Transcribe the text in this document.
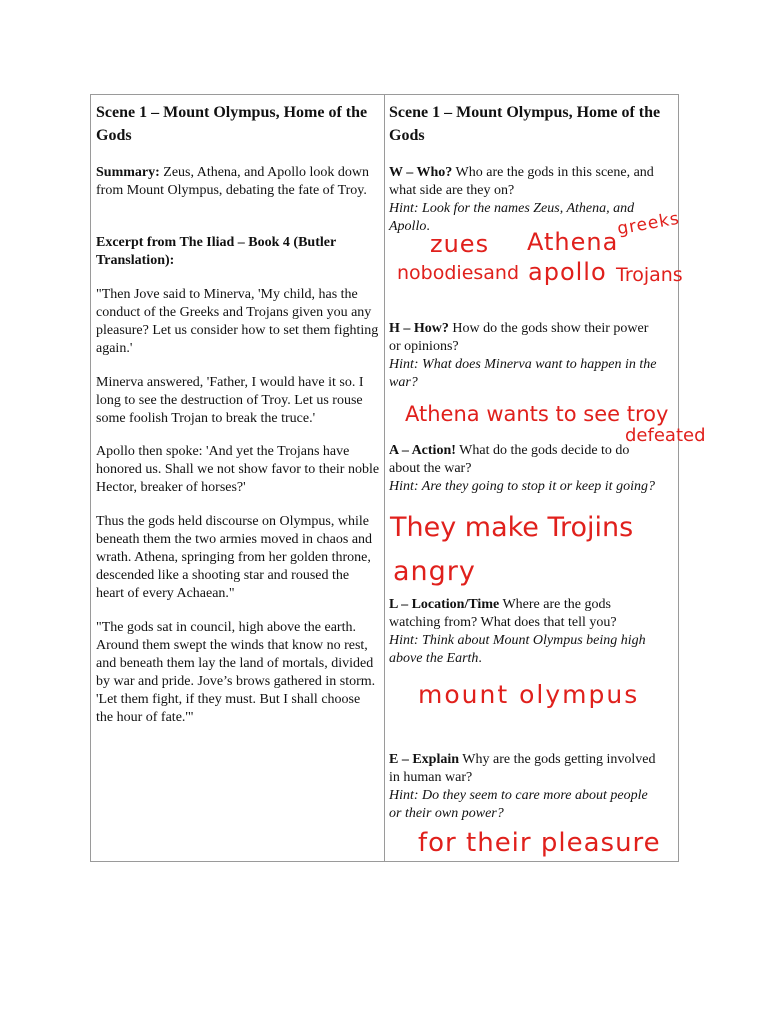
Scene 1 – Mount Olympus, Home of the Gods

Summary: Zeus, Athena, and Apollo look down from Mount Olympus, debating the fate of Troy.

Excerpt from The Iliad – Book 4 (Butler Translation):

"Then Jove said to Minerva, 'My child, has the conduct of the Greeks and Trojans given you any pleasure? Let us consider how to set them fighting again.'

Minerva answered, 'Father, I would have it so. I long to see the destruction of Troy. Let us rouse some foolish Trojan to break the truce.'

Apollo then spoke: 'And yet the Trojans have honored us. Shall we not show favor to their noble Hector, breaker of horses?'

Thus the gods held discourse on Olympus, while beneath them the two armies moved in chaos and wrath. Athena, springing from her golden throne, descended like a shooting star and roused the heart of every Achaean."

"The gods sat in council, high above the earth. Around them swept the winds that know no rest, and beneath them lay the land of mortals, divided by war and pride. Jove’s brows gathered in storm. 'Let them fight, if they must. But I shall choose the hour of fate.'"

Scene 1 – Mount Olympus, Home of the Gods

W – Who? Who are the gods in this scene, and what side are they on?
Hint: Look for the names Zeus, Athena, and Apollo.

H – How? How do the gods show their power or opinions?
Hint: What does Minerva want to happen in the war?

A – Action! What do the gods decide to do about the war?
Hint: Are they going to stop it or keep it going?

L – Location/Time Where are the gods watching from? What does that tell you?
Hint: Think about Mount Olympus being high above the Earth.

E – Explain Why are the gods getting involved in human war?
Hint: Do they seem to care more about people or their own power?

zues Athena
greeks
nobodiesand apollo Trojans
Athena wants to see troy
defeated
They make Trojins
angry
mount olympus
for their pleasure
